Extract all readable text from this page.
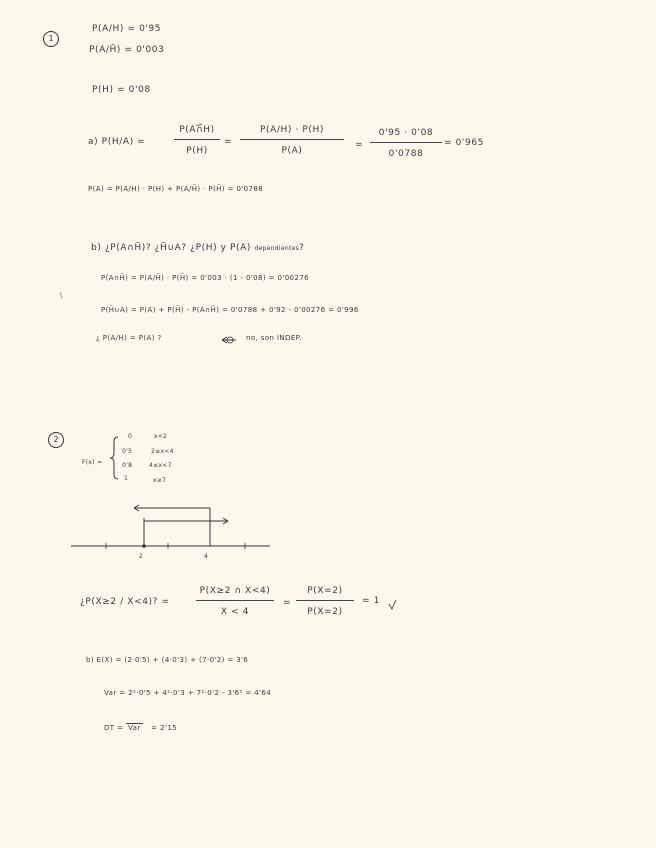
1
P(A/H) = 0'95
P(A/H̄) = 0'003
P(H) = 0'08
a) P(H/A) =
P(A∩H)
P(H)
=
P(A/H) · P(H)
P(A)
=
0'95 · 0'08
0'0788
= 0'965
P(A) = P(A/H) · P(H) + P(A/H̄) · P(H̄) = 0'0788
b) ¿P(A∩H̄)? ¿H̄∪A? ¿P(H) y P(A) dependientes?
P(A∩H̄) = P(A/H̄) · P(H̄) = 0'003 · (1 - 0'08) = 0'00276
P(H̄∪A) = P(A) + P(H̄) - P(A∩H̄) = 0'0788 + 0'92 - 0'00276 = 0'996
¿ P(A/H) = P(A) ?	no, son INDEP.
2
F(x) =
0
0'5
0'8
1
x<2
2≤x<4
4≤x<7
x≥7
2	4
¿P(X≥2 / X<4)? =
P(X≥2 ∩ X<4)
X < 4
=
P(X=2)
P(X=2)
= 1
b) E(X) = (2·0'5) + (4·0'3) + (7·0'2) = 3'6
Var = 2²·0'5 + 4²·0'3 + 7²·0'2 - 3'6² = 4'64
DT = Var = 2'15
